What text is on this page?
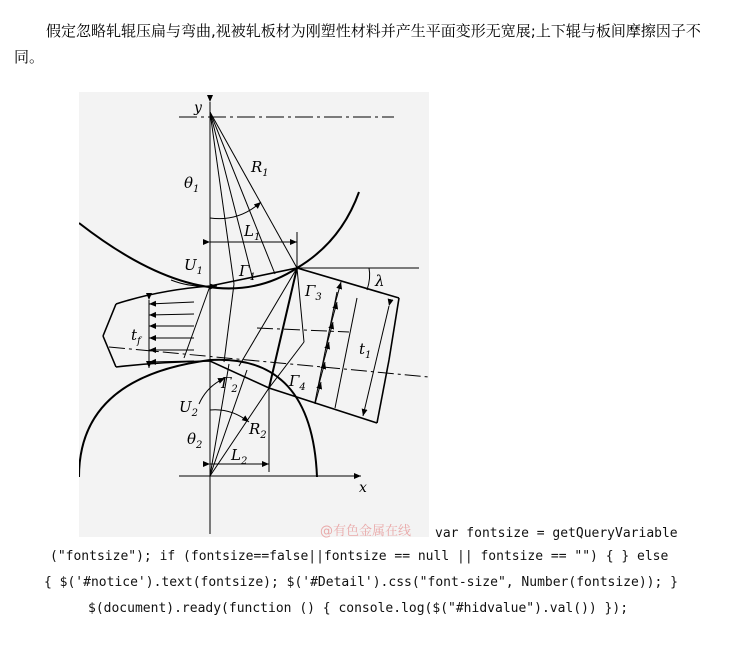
假定忽略轧辊压扁与弯曲,视被轧板材为刚塑性材料并产生平面变形无宽展;上下辊与板间摩擦因子不同。

y
x
$\theta_1$
$\theta_2$
$R_1$
$R_2$
$L_1$
$L_2$
$U_1$
$U_2$
$\Gamma_1$
$\Gamma_2$
$\Gamma_3$
$\Gamma_4$
λ
$t_f$	$t_1$
@有色金属在线 var fontsize = getQueryVariable
("fontsize"); if (fontsize==false||fontsize == null || fontsize == "") { } else
{ $('#notice').text(fontsize); $('#Detail').css("font-size", Number(fontsize)); }
$(document).ready(function () { console.log($("#hidvalue").val()) });
